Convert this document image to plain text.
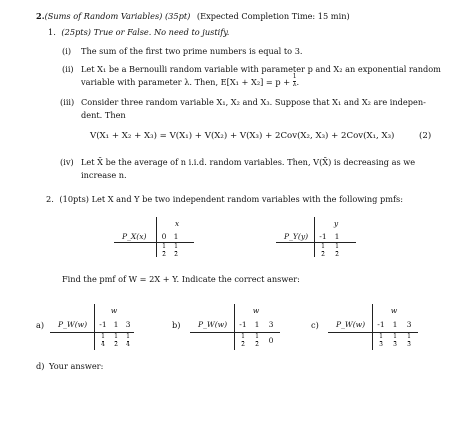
2.(Sums of Random Variables) (35pt) (Expected Completion Time: 15 min)
1. (25pts) True or False. No need to justify.
(i) The sum of the first two prime numbers is equal to 3.
(ii) Let X₁ be a Bernoulli random variable with parameter p and X₂ an exponential random
variable with parameter λ. Then, $E[X_1 + X_2] = p + \frac{1}{\lambda}$ .
(iii) Consider three random variable X₁, X₂ and X₃. Suppose that X₁ and X₂ are indepen-
dent. Then
V(X₁ + X₂ + X₃) = V(X₁) + V(X₂) + V(X₃) + 2Cov(X₂, X₃) + 2Cov(X₁, X₃)	(2)
(iv) Let X̄ be the average of n i.i.d. random variables. Then, V(X̄) is decreasing as we
increase n.
2. (10pts) Let X and Y be two independent random variables with the following pmfs:
x
P_X(x)	0 1
$\frac{1}{2} \frac{1}{2}$
y
P_Y(y)	-1	1
$\frac{1}{2} \frac{1}{2}$
Find the pmf of W = 2X + Y. Indicate the correct answer:
a)
w
P_W(w)	-1 1 3
$\frac{1}{4} \frac{1}{2} \frac{1}{4}$
b)
w
P_W(w)	-1	1	3
$\frac{1}{2} \frac{1}{2}$	0
c)
w
P_W(w)	-1	1	3
$\frac{1}{3} \frac{1}{3} \frac{1}{3}$
d) Your answer:
